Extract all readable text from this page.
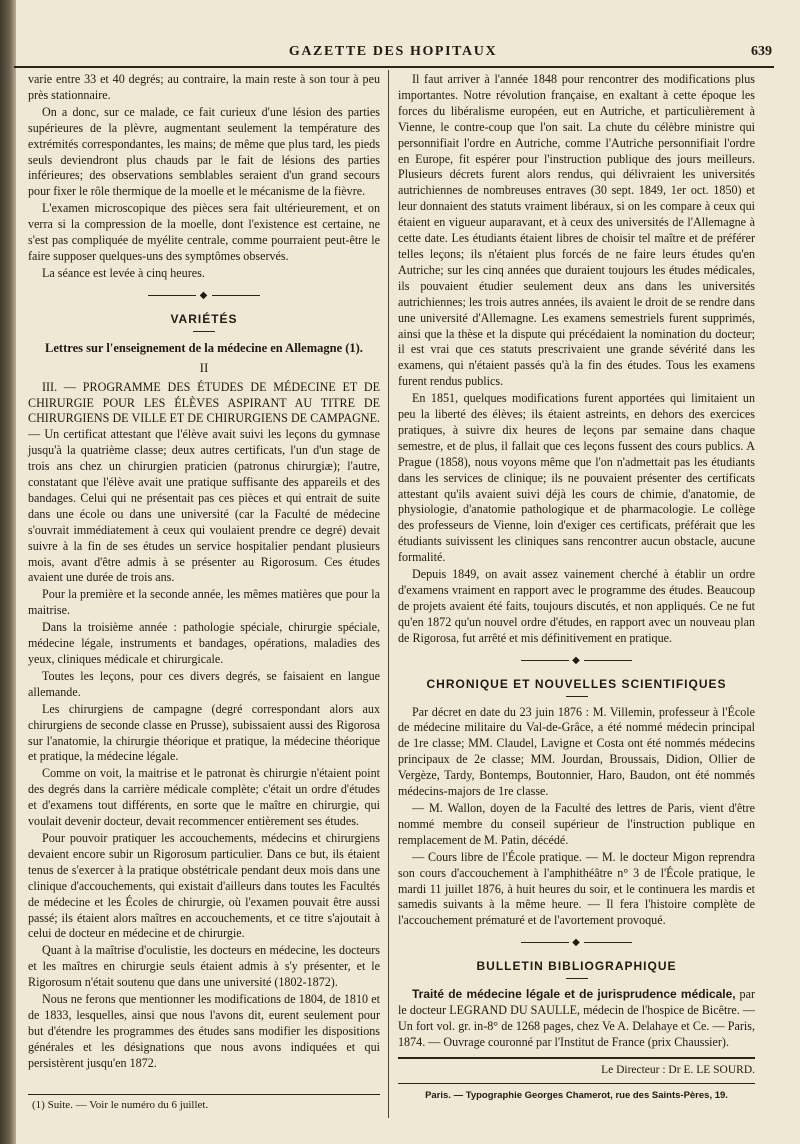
GAZETTE DES HOPITAUX	639

varie entre 33 et 40 degrés; au contraire, la main reste à son tour à peu près stationnaire.

On a donc, sur ce malade, ce fait curieux d'une lésion des parties supérieures de la plèvre, augmentant seulement la température des extrémités correspondantes, les mains; de même que plus tard, les pieds seuls deviendront plus chauds par le fait de lésions des parties inférieures; des observations semblables seraient d'un grand secours pour fixer le rôle thermique de la moelle et le mécanisme de la fièvre.

L'examen microscopique des pièces sera fait ultérieurement, et on verra si la compression de la moelle, dont l'existence est certaine, ne s'est pas compliquée de myélite centrale, comme pourraient peut-être le faire supposer quelques-uns des symptômes observés.

La séance est levée à cinq heures.

◆
VARIÉTÉS
Lettres sur l'enseignement de la médecine en Allemagne (1).
II

III. — PROGRAMME DES ÉTUDES DE MÉDECINE ET DE CHIRURGIE POUR LES ÉLÈVES ASPIRANT AU TITRE DE CHIRURGIENS DE VILLE ET DE CHIRURGIENS DE CAMPAGNE. — Un certificat attestant que l'élève avait suivi les leçons du gymnase jusqu'à la quatrième classe; deux autres certificats, l'un d'un stage de trois ans chez un chirurgien praticien (patronus chirurgiæ); l'autre, constatant que l'élève avait une pratique suffisante des appareils et des bandages. Celui qui ne présentait pas ces pièces et qui entrait de suite dans une école ou dans une université (car la Faculté de médecine s'ouvrait immédiatement à ceux qui voulaient prendre ce degré) devait suivre à la fin de ses études un service hospitalier pendant plusieurs mois, avant d'être admis à se présenter au Rigorosum. Ces études avaient une durée de trois ans.

Pour la première et la seconde année, les mêmes matières que pour la maitrise.

Dans la troisième année : pathologie spéciale, chirurgie spéciale, médecine légale, instruments et bandages, opérations, maladies des yeux, cliniques médicale et chirurgicale.

Toutes les leçons, pour ces divers degrés, se faisaient en langue allemande.

Les chirurgiens de campagne (degré correspondant alors aux chirurgiens de seconde classe en Prusse), subissaient aussi des Rigorosa sur l'anatomie, la chirurgie théorique et pratique, la médecine théorique et pratique, la médecine légale.

Comme on voit, la maitrise et le patronat ès chirurgie n'étaient point des degrés dans la carrière médicale complète; c'était un ordre d'études et d'examens tout différents, en sorte que le maître en chirurgie, qui voulait devenir docteur, devait recommencer entièrement ses études.

Pour pouvoir pratiquer les accouchements, médecins et chirurgiens devaient encore subir un Rigorosum particulier. Dans ce but, ils étaient tenus de s'exercer à la pratique obstétricale pendant deux mois dans une clinique d'accouchements, qui existait d'ailleurs dans toutes les Facultés de médecine et les Écoles de chirurgie, où l'examen pouvait être aussi passé; ils étaient alors maîtres en accouchements, et ce titre s'ajoutait à celui de docteur en médecine et de chirurgie.

Quant à la maîtrise d'oculistie, les docteurs en médecine, les docteurs et les maîtres en chirurgie seuls étaient admis à s'y présenter, et le Rigorosum n'était soutenu que dans une université (1802-1872).

Nous ne ferons que mentionner les modifications de 1804, de 1810 et de 1833, lesquelles, ainsi que nous l'avons dit, eurent seulement pour but d'étendre les programmes des études sans modifier les dispositions générales et les désignations que nous avons indiquées et qui persistèrent jusqu'en 1872.

(1) Suite. — Voir le numéro du 6 juillet.

Il faut arriver à l'année 1848 pour rencontrer des modifications plus importantes. Notre révolution française, en exaltant à cette époque les forces du libéralisme européen, eut en Autriche, et particulièrement à Vienne, le contre-coup que l'on sait. La chute du célèbre ministre qui personnifiait l'ordre en Autriche, comme l'Autriche personnifiait l'ordre en Europe, fit espérer pour l'instruction publique des jours meilleurs. Plusieurs décrets furent alors rendus, qui délivraient les universités autrichiennes de nombreuses entraves (30 sept. 1849, 1er oct. 1850) et leur donnaient des statuts vraiment libéraux, si on les compare à ceux qui étaient en vigueur auparavant, et à ceux des universités de l'Allemagne à cette date. Les étudiants étaient libres de choisir tel maître et de préférer telles leçons; ils n'étaient plus forcés de ne faire leurs études qu'en Autriche; sur les cinq années que duraient toujours les études médicales, ils pouvaient étudier seulement deux ans dans les universités autrichiennes; les trois autres années, ils avaient le droit de se rendre dans une université d'Allemagne. Les examens semestriels furent supprimés, ainsi que la thèse et la dispute qui précédaient la nomination du docteur; il est vrai que ces statuts prescrivaient une grande sévérité dans les examens, qui n'étaient passés qu'à la fin des études. Tous les examens furent rendus publics.

En 1851, quelques modifications furent apportées qui limitaient un peu la liberté des élèves; ils étaient astreints, en dehors des exercices pratiques, à suivre dix heures de leçons par semaine dans chaque semestre, et de plus, il fallait que ces leçons fussent des cours publics. A Prague (1858), nous voyons même que l'on n'admettait pas les étudiants dans les services de clinique; ils ne pouvaient présenter des certificats attestant qu'ils avaient suivi déjà les cours de chimie, d'anatomie, de physiologie, d'anatomie pathologique et de pharmacologie. Le collège des professeurs de Vienne, loin d'exiger ces certificats, préférait que les étudiants suivissent les cliniques sans rencontrer aucun obstacle, aucune formalité.

Depuis 1849, on avait assez vainement cherché à établir un ordre d'examens vraiment en rapport avec le programme des études. Beaucoup de projets avaient été faits, toujours discutés, et non appliqués. Ce ne fut qu'en 1872 qu'un nouvel ordre d'études, en rapport avec un nouveau plan de Rigorosa, fut arrêté et mis définitivement en pratique.

◆
CHRONIQUE ET NOUVELLES SCIENTIFIQUES

Par décret en date du 23 juin 1876 : M. Villemin, professeur à l'École de médecine militaire du Val-de-Grâce, a été nommé médecin principal de 1re classe; MM. Claudel, Lavigne et Costa ont été nommés médecins principaux de 2e classe; MM. Jourdan, Broussais, Didion, Ollier de Vergèze, Tardy, Bontemps, Boutonnier, Haro, Baudon, ont été nommés médecins-majors de 1re classe.

— M. Wallon, doyen de la Faculté des lettres de Paris, vient d'être nommé membre du conseil supérieur de l'instruction publique en remplacement de M. Patin, décédé.

— Cours libre de l'École pratique. — M. le docteur Migon reprendra son cours d'accouchement à l'amphithéâtre n° 3 de l'École pratique, le mardi 11 juillet 1876, à huit heures du soir, et le continuera les mardis et samedis suivants à la même heure. — Il fera l'histoire complète de l'accouchement prématuré et de l'avortement provoqué.

◆
BULLETIN BIBLIOGRAPHIQUE

Traité de médecine légale et de jurisprudence médicale, par le docteur LEGRAND DU SAULLE, médecin de l'hospice de Bicêtre. — Un fort vol. gr. in-8° de 1268 pages, chez Ve A. Delahaye et Ce. — Paris, 1874. — Ouvrage couronné par l'Institut de France (prix Chaussier).

Le Directeur : Dr E. LE SOURD.
Paris. — Typographie Georges Chamerot, rue des Saints-Pères, 19.
